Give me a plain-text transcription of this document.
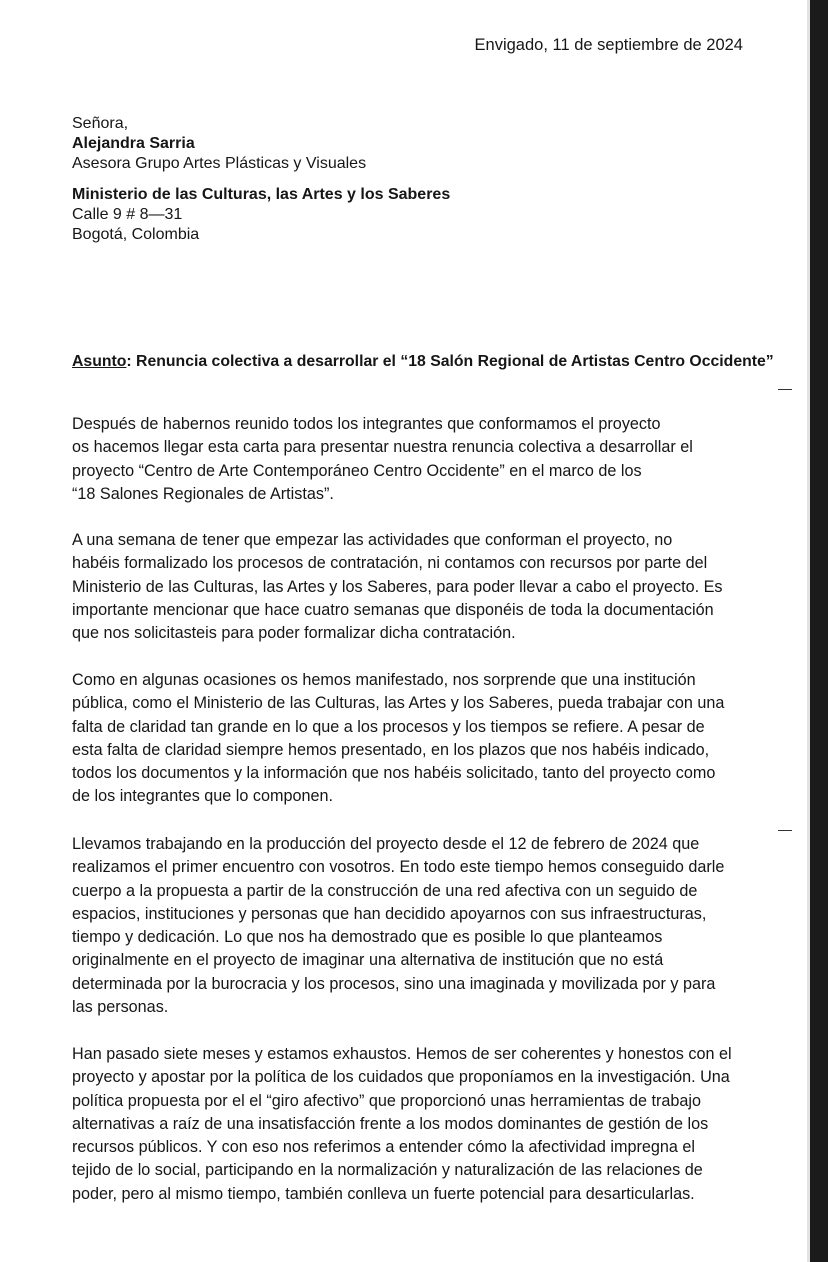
Envigado, 11 de septiembre de 2024
Señora,
Alejandra Sarria
Asesora Grupo Artes Plásticas y Visuales
Ministerio de las Culturas, las Artes y los Saberes
Calle 9 # 8—31
Bogotá, Colombia
Asunto: Renuncia colectiva a desarrollar el “18 Salón Regional de Artistas Centro Occidente”
Después de habernos reunido todos los integrantes que conformamos el proyecto
os hacemos llegar esta carta para presentar nuestra renuncia colectiva a desarrollar el
proyecto “Centro de Arte Contemporáneo Centro Occidente” en el marco de los
“18 Salones Regionales de Artistas”.
A una semana de tener que empezar las actividades que conforman el proyecto, no
habéis formalizado los procesos de contratación, ni contamos con recursos por parte del
Ministerio de las Culturas, las Artes y los Saberes, para poder llevar a cabo el proyecto. Es
importante mencionar que hace cuatro semanas que disponéis de toda la documentación
que nos solicitasteis para poder formalizar dicha contratación.
Como en algunas ocasiones os hemos manifestado, nos sorprende que una institución
pública, como el Ministerio de las Culturas, las Artes y los Saberes, pueda trabajar con una
falta de claridad tan grande en lo que a los procesos y los tiempos se refiere. A pesar de
esta falta de claridad siempre hemos presentado, en los plazos que nos habéis indicado,
todos los documentos y la información que nos habéis solicitado, tanto del proyecto como
de los integrantes que lo componen.
Llevamos trabajando en la producción del proyecto desde el 12 de febrero de 2024 que
realizamos el primer encuentro con vosotros. En todo este tiempo hemos conseguido darle
cuerpo a la propuesta a partir de la construcción de una red afectiva con un seguido de
espacios, instituciones y personas que han decidido apoyarnos con sus infraestructuras,
tiempo y dedicación. Lo que nos ha demostrado que es posible lo que planteamos
originalmente en el proyecto de imaginar una alternativa de institución que no está
determinada por la burocracia y los procesos, sino una imaginada y movilizada por y para
las personas.
Han pasado siete meses y estamos exhaustos. Hemos de ser coherentes y honestos con el
proyecto y apostar por la política de los cuidados que proponíamos en la investigación. Una
política propuesta por el el “giro afectivo” que proporcionó unas herramientas de trabajo
alternativas a raíz de una insatisfacción frente a los modos dominantes de gestión de los
recursos públicos. Y con eso nos referimos a entender cómo la afectividad impregna el
tejido de lo social, participando en la normalización y naturalización de las relaciones de
poder, pero al mismo tiempo, también conlleva un fuerte potencial para desarticularlas.
